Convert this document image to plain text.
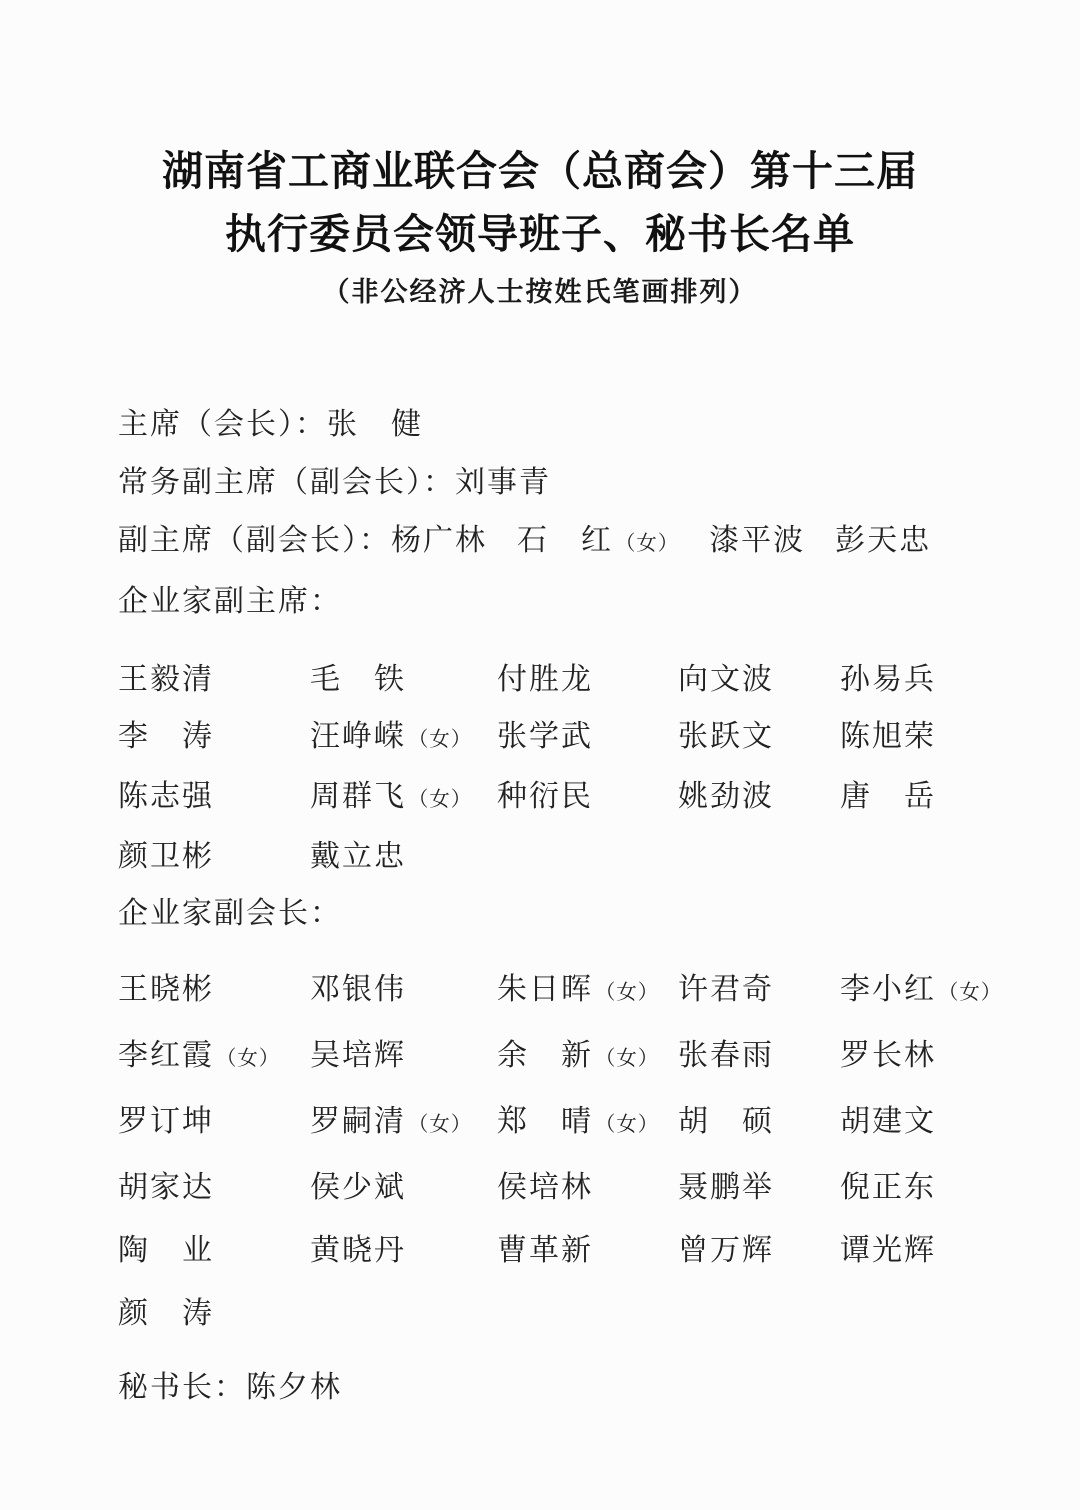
湖南省工商业联合会（总商会）第十三届
执行委员会领导班子、秘书长名单
（非公经济人士按姓氏笔画排列）

主席（会长）：张　健

常务副主席（副会长）：刘事青

副主席（副会长）：杨广林 石　红（女） 漆平波 彭天忠

企业家副主席：

王毅清	毛　铁	付胜龙	向文波	孙易兵
李　涛	汪峥嵘（女） 张学武	张跃文	陈旭荣
陈志强	周群飞（女） 种衍民	姚劲波	唐　岳
颜卫彬	戴立忠

企业家副会长：

王晓彬	邓银伟	朱日晖（女） 许君奇	李小红（女）
李红霞（女） 吴培辉	余　新（女） 张春雨	罗长林
罗订坤	罗嗣清（女） 郑　晴（女） 胡　硕	胡建文
胡家达	侯少斌	侯培林	聂鹏举	倪正东
陶　业	黄晓丹	曹革新	曾万辉	谭光辉
颜　涛

秘书长：陈夕林
